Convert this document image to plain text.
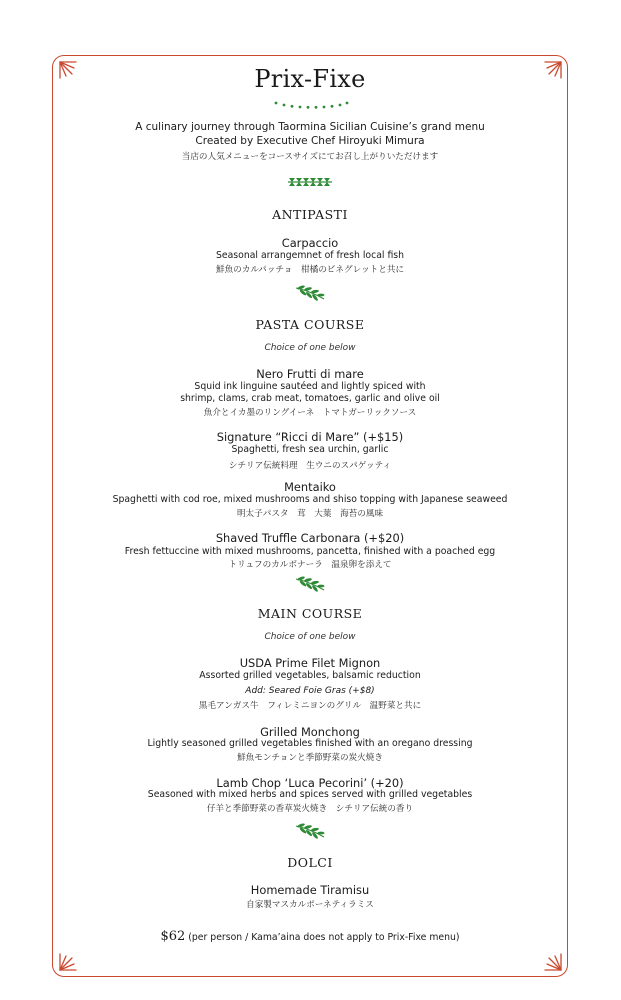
Prix-Fixe
A culinary journey through Taormina Sicilian Cuisine’s grand menu
Created by Executive Chef Hiroyuki Mimura
当店の人気メニューをコースサイズにてお召し上がりいただけます
ANTIPASTI
Carpaccio
Seasonal arrangemnet of fresh local fish
鮮魚のカルパッチョ　柑橘のビネグレットと共に
PASTA COURSE
Choice of one below
Nero Frutti di mare
Squid ink linguine sautéed and lightly spiced with
shrimp, clams, crab meat, tomatoes, garlic and olive oil
魚介とイカ墨のリングイーネ　トマトガーリックソース
Signature “Ricci di Mare” (+$15)
Spaghetti, fresh sea urchin, garlic
シチリア伝統料理　生ウニのスパゲッティ
Mentaiko
Spaghetti with cod roe, mixed mushrooms and shiso topping with Japanese seaweed
明太子パスタ　茸　大葉　海苔の風味
Shaved Truffle Carbonara (+$20)
Fresh fettuccine with mixed mushrooms, pancetta, finished with a poached egg
トリュフのカルボナーラ　温泉卵を添えて
MAIN COURSE
Choice of one below
USDA Prime Filet Mignon
Assorted grilled vegetables, balsamic reduction
Add: Seared Foie Gras (+$8)
黒毛アンガス牛　フィレミニヨンのグリル　温野菜と共に
Grilled Monchong
Lightly seasoned grilled vegetables finished with an oregano dressing
鮮魚モンチョンと季節野菜の炭火焼き
Lamb Chop ‘Luca Pecorini’ (+20)
Seasoned with mixed herbs and spices served with grilled vegetables
仔羊と季節野菜の香草炭火焼き　シチリア伝統の香り
DOLCI
Homemade Tiramisu
自家製マスカルポーネティラミス
$62 (per person / Kama’aina does not apply to Prix-Fixe menu)
